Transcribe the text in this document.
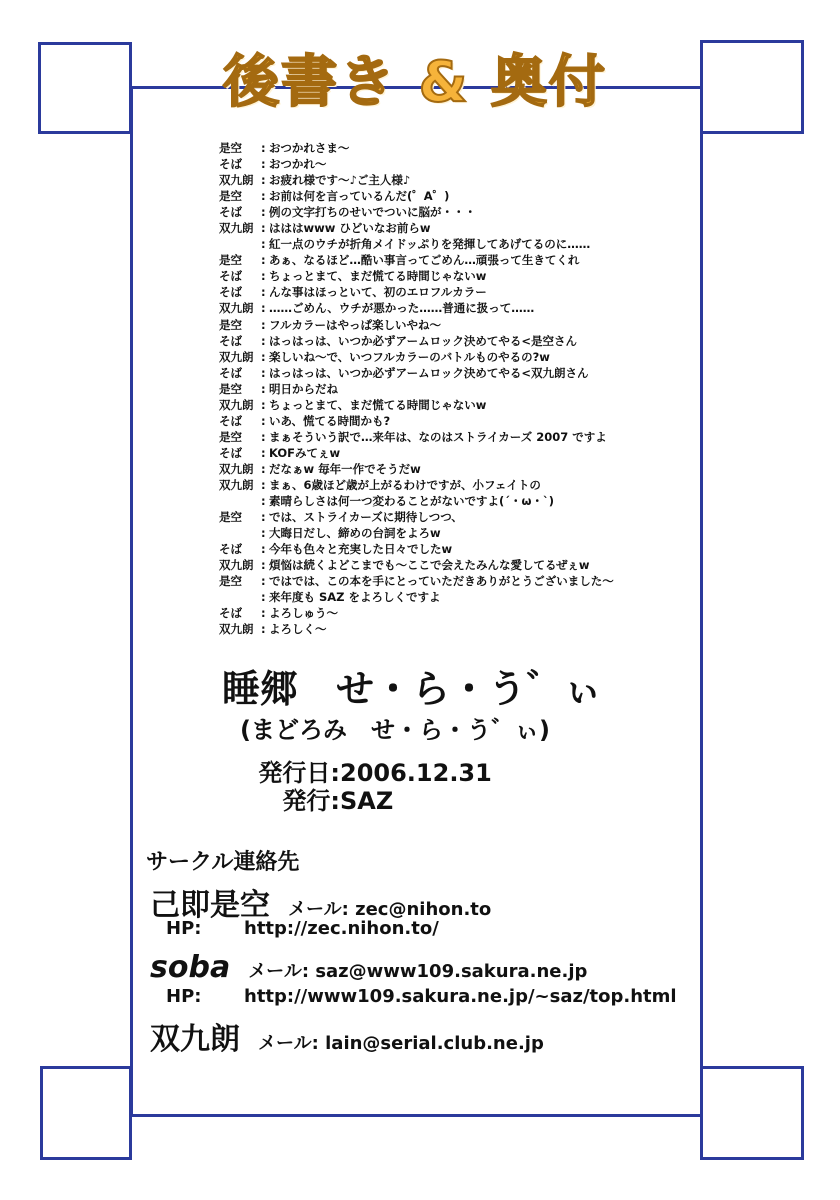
後書き & 奥付
是空	: おつかれさま〜
そば	: おつかれ〜
双九朗 : お疲れ様です〜♪ご主人様♪
是空	: お前は何を言っているんだ(゜A゜)
そば	: 例の文字打ちのせいでついに脳が・・・
双九朗 : はははwww ひどいなお前らw
: 紅一点のウチが折角メイドッぷりを発揮してあげてるのに……
是空	: あぁ、なるほど…酷い事言ってごめん…頑張って生きてくれ
そば	: ちょっとまて、まだ慌てる時間じゃないw
そば	: んな事はほっといて、初のエロフルカラー
双九朗 : ……ごめん、ウチが悪かった……普通に扱って……
是空	: フルカラーはやっぱ楽しいやね〜
そば	: はっはっは、いつか必ずアームロック決めてやる<是空さん
双九朗 : 楽しいね〜で、いつフルカラーのバトルものやるの?w
そば	: はっはっは、いつか必ずアームロック決めてやる<双九朗さん
是空	: 明日からだね
双九朗 : ちょっとまて、まだ慌てる時間じゃないw
そば	: いあ、慌てる時間かも?
是空	: まぁそういう訳で…来年は、なのはストライカーズ 2007 ですよ
そば	: KOFみてぇw
双九朗 : だなぁw 毎年一作でそうだw
双九朗 : まぁ、6歳ほど歳が上がるわけですが、小フェイトの
: 素晴らしさは何一つ変わることがないですよ(´・ω・`)
是空	: では、ストライカーズに期待しつつ、
: 大晦日だし、締めの台詞をよろw
そば	: 今年も色々と充実した日々でしたw
双九朗 : 煩悩は続くよどこまでも〜ここで会えたみんな愛してるぜぇw
是空	: ではでは、この本を手にとっていただきありがとうございました〜
: 来年度も SAZ をよろしくですよ
そば	: よろしゅう〜
双九朗 : よろしく〜
睡郷　せ・ら・う゛ぃ
(まどろみ　せ・ら・う゛ぃ)
発行日:2006.12.31
発行:SAZ
サークル連絡先
己即是空 メール: zec@nihon.to
HP: http://zec.nihon.to/
soba メール: saz@www109.sakura.ne.jp
HP: http://www109.sakura.ne.jp/~saz/top.html
双九朗 メール: lain@serial.club.ne.jp
